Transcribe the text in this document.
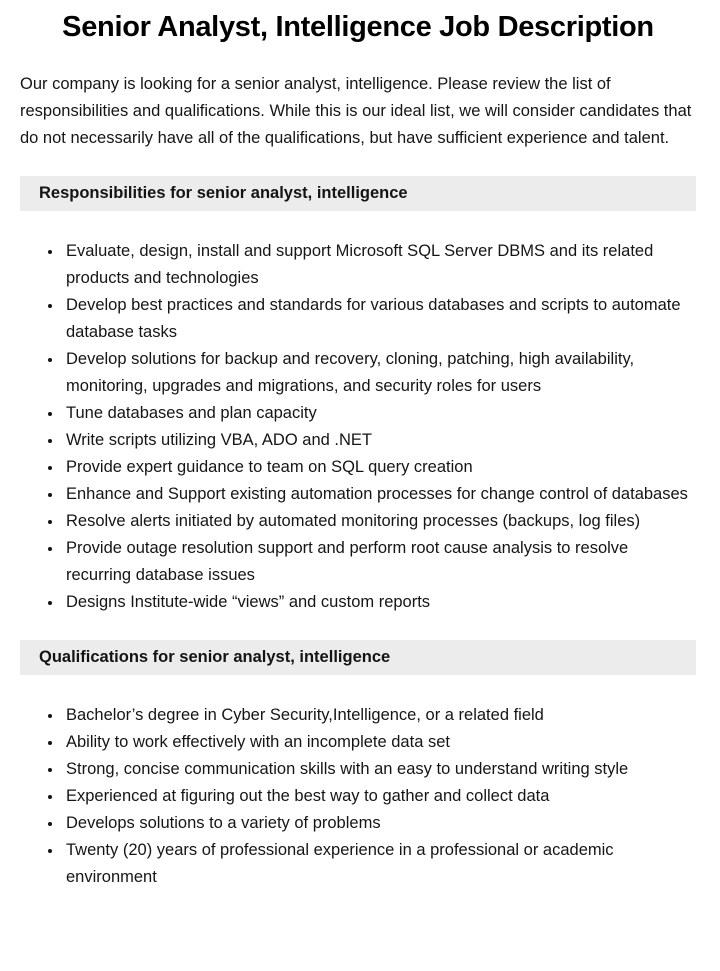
Senior Analyst, Intelligence Job Description

Our company is looking for a senior analyst, intelligence. Please review the list of responsibilities and qualifications. While this is our ideal list, we will consider candidates that do not necessarily have all of the qualifications, but have sufficient experience and talent.

Responsibilities for senior analyst, intelligence
• Evaluate, design, install and support Microsoft SQL Server DBMS and its related products and technologies
• Develop best practices and standards for various databases and scripts to automate database tasks
• Develop solutions for backup and recovery, cloning, patching, high availability, monitoring, upgrades and migrations, and security roles for users
• Tune databases and plan capacity
• Write scripts utilizing VBA, ADO and .NET
• Provide expert guidance to team on SQL query creation
• Enhance and Support existing automation processes for change control of databases
• Resolve alerts initiated by automated monitoring processes (backups, log files)
• Provide outage resolution support and perform root cause analysis to resolve recurring database issues
• Designs Institute-wide “views” and custom reports
Qualifications for senior analyst, intelligence
• Bachelor’s degree in Cyber Security,Intelligence, or a related field
• Ability to work effectively with an incomplete data set
• Strong, concise communication skills with an easy to understand writing style
• Experienced at figuring out the best way to gather and collect data
• Develops solutions to a variety of problems
• Twenty (20) years of professional experience in a professional or academic environment
